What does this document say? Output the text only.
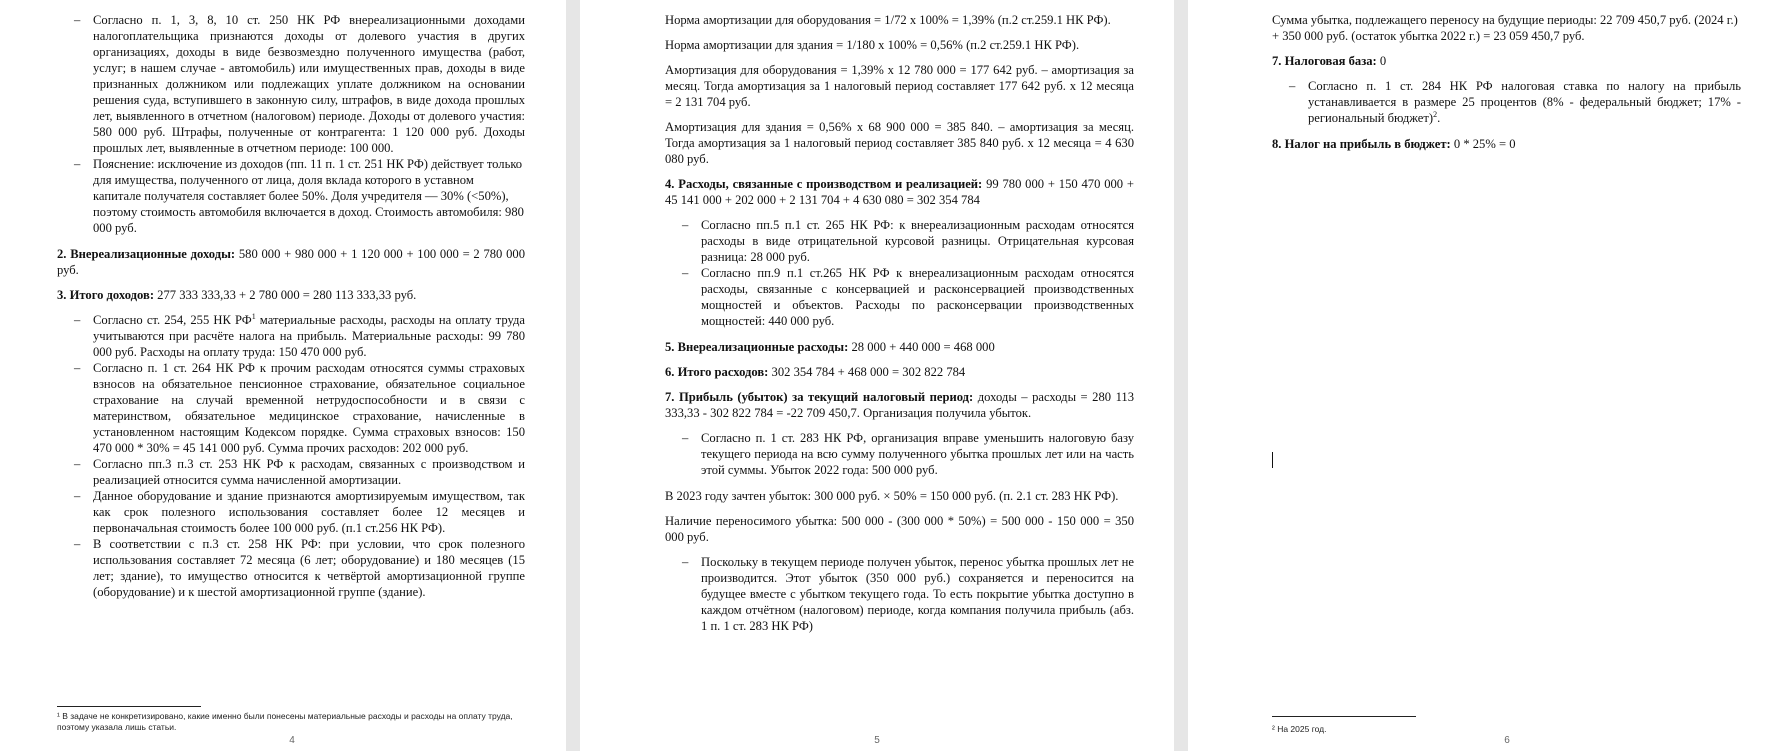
– Согласно п. 1, 3, 8, 10 ст. 250 НК РФ внереализационными доходами налогоплательщика признаются доходы от долевого участия в других организациях, доходы в виде безвозмездно полученного имущества (работ, услуг; в нашем случае - автомобиль) или имущественных прав, доходы в виде признанных должником или подлежащих уплате должником на основании решения суда, вступившего в законную силу, штрафов, в виде дохода прошлых лет, выявленного в отчетном (налоговом) периоде. Доходы от долевого участия: 580 000 руб. Штрафы, полученные от контрагента: 1 120 000 руб. Доходы прошлых лет, выявленные в отчетном периоде: 100 000.
– Пояснение: исключение из доходов (пп. 11 п. 1 ст. 251 НК РФ) действует только для имущества, полученного от лица, доля вклада которого в уставном капитале получателя составляет более 50%. Доля учредителя — 30% (<50%), поэтому стоимость автомобиля включается в доход. Стоимость автомобиля: 980 000 руб.

2. Внереализационные доходы: 580 000 + 980 000 + 1 120 000 + 100 000 = 2 780 000 руб.

3. Итого доходов: 277 333 333,33 + 2 780 000 = 280 113 333,33 руб.

– Согласно ст. 254, 255 НК $РФ^1$ материальные расходы, расходы на оплату труда учитываются при расчёте налога на прибыль. Материальные расходы: 99 780 000 руб. Расходы на оплату труда: 150 470 000 руб.
– Согласно п. 1 ст. 264 НК РФ к прочим расходам относятся суммы страховых взносов на обязательное пенсионное страхование, обязательное социальное страхование на случай временной нетрудоспособности и в связи с материнством, обязательное медицинское страхование, начисленные в установленном настоящим Кодексом порядке. Сумма страховых взносов: 150 470 000 * 30% = 45 141 000 руб. Сумма прочих расходов: 202 000 руб.
– Согласно пп.3 п.3 ст. 253 НК РФ к расходам, связанных с производством и реализацией относится сумма начисленной амортизации.
– Данное оборудование и здание признаются амортизируемым имуществом, так как срок полезного использования составляет более 12 месяцев и первоначальная стоимость более 100 000 руб. (п.1 ст.256 НК РФ).
– В соответствии с п.3 ст. 258 НК РФ: при условии, что срок полезного использования составляет 72 месяца (6 лет; оборудование) и 180 месяцев (15 лет; здание), то имущество относится к четвёртой амортизационной группе (оборудование) и к шестой амортизационной группе (здание).
¹ В задаче не конкретизировано, какие именно были понесены материальные расходы и расходы на оплату труда, поэтому указала лишь статьи.
4

Норма амортизации для оборудования = 1/72 х 100% = 1,39% (п.2 ст.259.1 НК РФ).

Норма амортизации для здания = 1/180 х 100% = 0,56% (п.2 ст.259.1 НК РФ).

Амортизация для оборудования = 1,39% х 12 780 000 = 177 642 руб. – амортизация за месяц. Тогда амортизация за 1 налоговый период составляет 177 642 руб. х 12 месяца = 2 131 704 руб.

Амортизация для здания = 0,56% х 68 900 000 = 385 840. – амортизация за месяц. Тогда амортизация за 1 налоговый период составляет 385 840 руб. х 12 месяца = 4 630 080 руб.

4. Расходы, связанные с производством и реализацией: 99 780 000 + 150 470 000 + 45 141 000 + 202 000 + 2 131 704 + 4 630 080 = 302 354 784

– Согласно пп.5 п.1 ст. 265 НК РФ: к внереализационным расходам относятся расходы в виде отрицательной курсовой разницы. Отрицательная курсовая разница: 28 000 руб.
– Согласно пп.9 п.1 ст.265 НК РФ к внереализационным расходам относятся расходы, связанные с консервацией и расконсервацией производственных мощностей и объектов. Расходы по расконсервации производственных мощностей: 440 000 руб.

5. Внереализационные расходы: 28 000 + 440 000 = 468 000

6. Итого расходов: 302 354 784 + 468 000 = 302 822 784

7. Прибыль (убыток) за текущий налоговый период: доходы – расходы = 280 113 333,33 - 302 822 784 = -22 709 450,7. Организация получила убыток.

– Согласно п. 1 ст. 283 НК РФ, организация вправе уменьшить налоговую базу текущего периода на всю сумму полученного убытка прошлых лет или на часть этой суммы. Убыток 2022 года: 500 000 руб.

В 2023 году зачтен убыток: 300 000 руб. × 50% = 150 000 руб. (п. 2.1 ст. 283 НК РФ).

Наличие переносимого убытка: 500 000 - (300 000 * 50%) = 500 000 - 150 000 = 350 000 руб.

– Поскольку в текущем периоде получен убыток, перенос убытка прошлых лет не производится. Этот убыток (350 000 руб.) сохраняется и переносится на будущее вместе с убытком текущего года. То есть покрытие убытка доступно в каждом отчётном (налоговом) периоде, когда компания получила прибыль (абз. 1 п. 1 ст. 283 НК РФ)
5

Сумма убытка, подлежащего переносу на будущие периоды: 22 709 450,7 руб. (2024 г.) + 350 000 руб. (остаток убытка 2022 г.) = 23 059 450,7 руб.

7. Налоговая база: 0

– Согласно п. 1 ст. 284 НК РФ налоговая ставка по налогу на прибыль устанавливается в размере 25 процентов (8% - федеральный бюджет; 17% - региональный бюджет)$^2$.

8. Налог на прибыль в бюджет: 0 * 25% = 0

² На 2025 год.
6
